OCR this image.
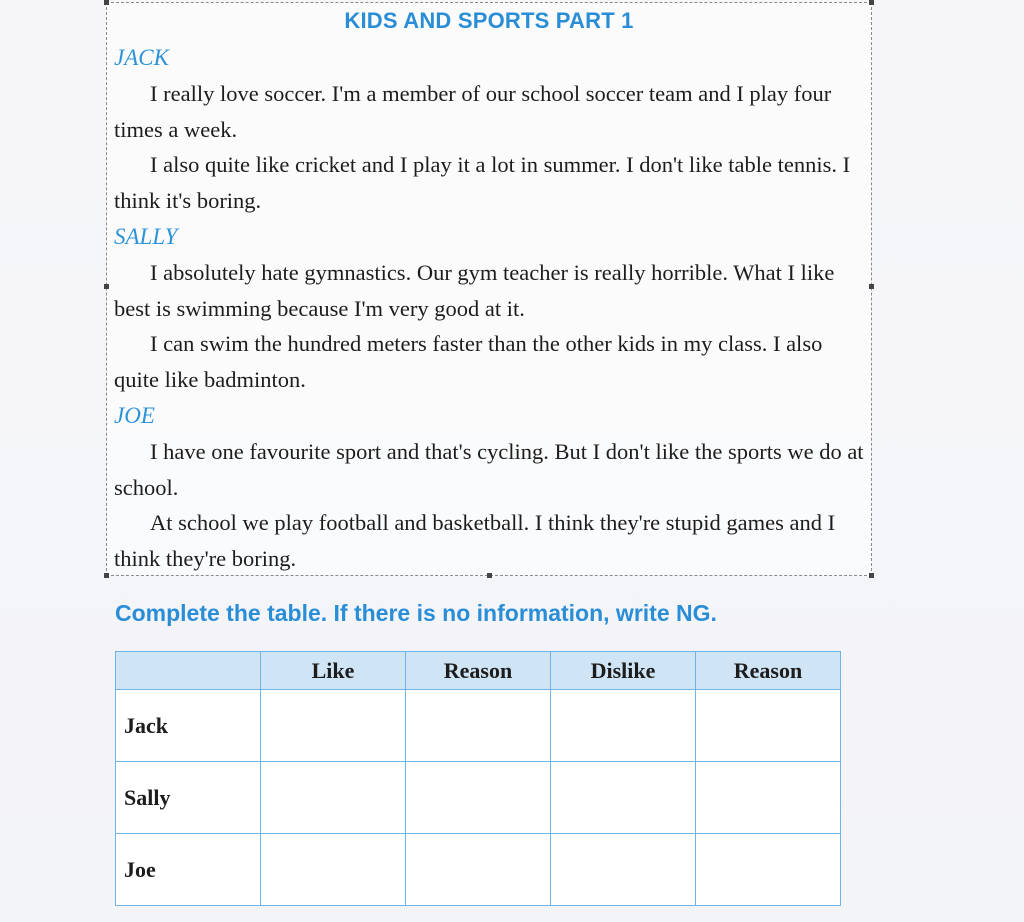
KIDS AND SPORTS PART 1
JACK

I really love soccer. I'm a member of our school soccer team and I play four times a week.

I also quite like cricket and I play it a lot in summer. I don't like table tennis. I think it's boring.

SALLY

I absolutely hate gymnastics. Our gym teacher is really horrible. What I like best is swimming because I'm very good at it.

I can swim the hundred meters faster than the other kids in my class. I also quite like badminton.

JOE

I have one favourite sport and that's cycling. But I don't like the sports we do at school.

At school we play football and basketball. I think they're stupid games and I think they're boring.

Complete the table. If there is no information, write NG.
	Like	Reason	Dislike	Reason
Jack				
Sally				
Joe				
